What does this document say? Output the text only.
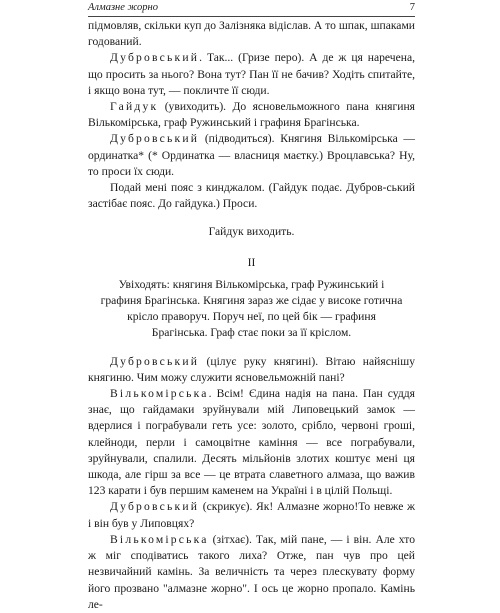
Алмазне жорно	7

підмовляв, скільки куп до Залізняка відіслав. А то шпак, шпаками годований.

Дубровський. Так... (Гризе перо). А де ж ця наречена, що просить за нього? Вона тут? Пан її не бачив? Ходіть спитайте, і якщо вона тут, — покличте її сюди.

Гайдук (увиходить). До ясновельможного пана княгиня Вількомірська, граф Ружинський і графиня Брагінська.

Дубровський (підводиться). Княгиня Вількомірська — ординатка* (* Ординатка — власниця маєтку.) Вроцлавська? Ну, то проси їх сюди.

Подай мені пояс з кинджалом. (Гайдук подає. Дубров-ський застібає пояс. До гайдука.) Проси.

Гайдук виходить.

II

Увіходять: княгиня Вількомірська, граф Ружинський і графиня Брагінська. Княгиня зараз же сідає у високе готична крісло праворуч. Поруч неї, по цей бік — графиня Брагінська. Граф стає поки за її кріслом.

Дубровський (цілує руку княгині). Вітаю найяснішу княгиню. Чим можу служити ясновельможній пані?

Вількомірська. Всім! Єдина надія на пана. Пан суддя знає, що гайдамаки зруйнували мій Липовецький замок — вдерлися і пограбували геть усе: золото, срібло, червоні гроші, клейноди, перли і самоцвітне каміння — все пограбували, зруйнували, спалили. Десять мільйонів злотих коштує мені ця шкода, але гірш за все — це втрата славетного алмаза, що важив 123 карати і був першим каменем на Україні і в цілій Польщі.

Дубровський (скрикує). Як! Алмазне жорно!То невже ж і він був у Липовцях?

Вількомірська (зітхає). Так, мій пане, — і він. Але хто ж міг сподіватись такого лиха? Отже, пан чув про цей незвичайний камінь. За величність та через плескувату форму його прозвано "алмазне жорно". І ось це жорно пропало. Камінь ле-
